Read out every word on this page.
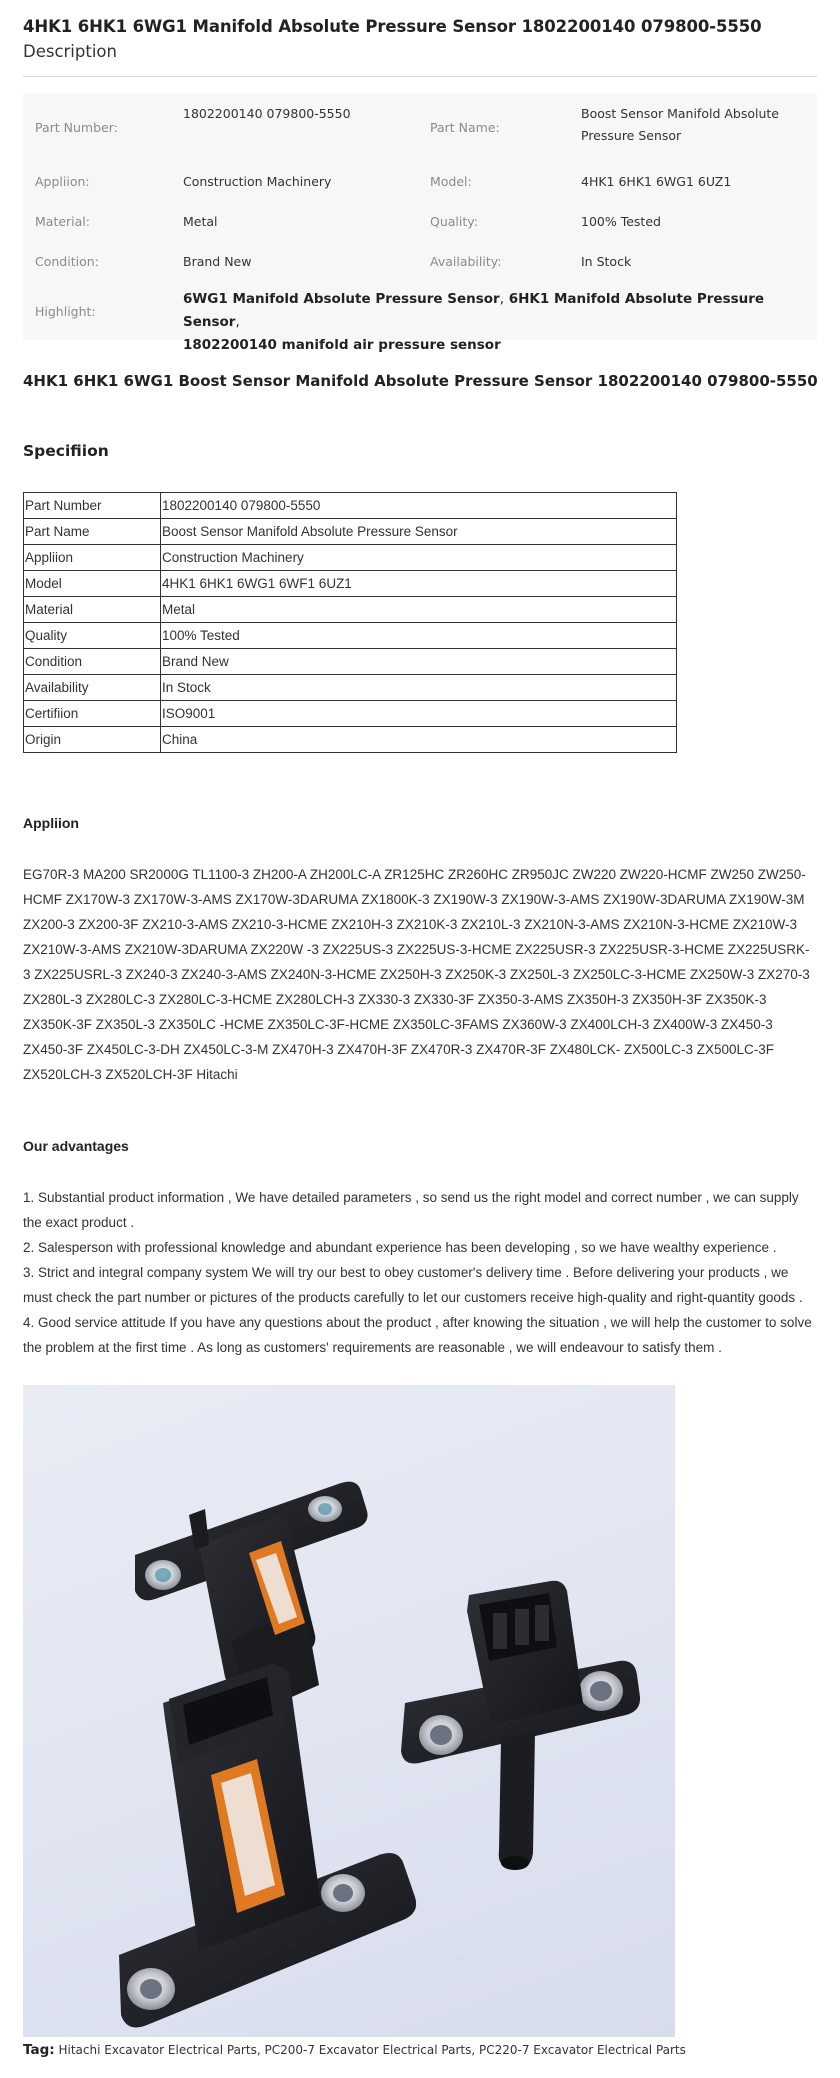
4HK1 6HK1 6WG1 Manifold Absolute Pressure Sensor 1802200140 079800-5550
Description
Part Number:
1802200140 079800-5550
Part Name:
Boost Sensor Manifold Absolute Pressure Sensor
Appliion:	Construction Machinery	Model:	4HK1 6HK1 6WG1 6UZ1
Material:	Metal	Quality:	100% Tested
Condition:	Brand New	Availability:	In Stock
Highlight:
6WG1 Manifold Absolute Pressure Sensor, 6HK1 Manifold Absolute Pressure Sensor,
1802200140 manifold air pressure sensor
4HK1 6HK1 6WG1 Boost Sensor Manifold Absolute Pressure Sensor 1802200140 079800-5550
Specifiion
Part Number	1802200140 079800-5550
Part Name	Boost Sensor Manifold Absolute Pressure Sensor
Appliion	Construction Machinery
Model	4HK1 6HK1 6WG1 6WF1 6UZ1
Material	Metal
Quality	100% Tested
Condition	Brand New
Availability	In Stock
Certifiion	ISO9001
Origin	China
Appliion
EG70R-3 MA200 SR2000G TL1100-3 ZH200-A ZH200LC-A ZR125HC ZR260HC ZR950JC ZW220 ZW220-HCMF ZW250 ZW250-HCMF ZX170W-3 ZX170W-3-AMS ZX170W-3DARUMA ZX1800K-3 ZX190W-3 ZX190W-3-AMS ZX190W-3DARUMA ZX190W-3M ZX200-3 ZX200-3F ZX210-3-AMS ZX210-3-HCME ZX210H-3 ZX210K-3 ZX210L-3 ZX210N-3-AMS ZX210N-3-HCME ZX210W-3 ZX210W-3-AMS ZX210W-3DARUMA ZX220W -3 ZX225US-3 ZX225US-3-HCME ZX225USR-3 ZX225USR-3-HCME ZX225USRK-3 ZX225USRL-3 ZX240-3 ZX240-3-AMS ZX240N-3-HCME ZX250H-3 ZX250K-3 ZX250L-3 ZX250LC-3-HCME ZX250W-3 ZX270-3 ZX280L-3 ZX280LC-3 ZX280LC-3-HCME ZX280LCH-3 ZX330-3 ZX330-3F ZX350-3-AMS ZX350H-3 ZX350H-3F ZX350K-3 ZX350K-3F ZX350L-3 ZX350LC -HCME ZX350LC-3F-HCME ZX350LC-3FAMS ZX360W-3 ZX400LCH-3 ZX400W-3 ZX450-3 ZX450-3F ZX450LC-3-DH ZX450LC-3-M ZX470H-3 ZX470H-3F ZX470R-3 ZX470R-3F ZX480LCK- ZX500LC-3 ZX500LC-3F ZX520LCH-3 ZX520LCH-3F Hitachi
Our advantages

1. Substantial product information , We have detailed parameters , so send us the right model and correct number , we can supply the exact product .

2. Salesperson with professional knowledge and abundant experience has been developing , so we have wealthy experience .

3. Strict and integral company system We will try our best to obey customer's delivery time . Before delivering your products , we must check the part number or pictures of the products carefully to let our customers receive high-quality and right-quantity goods .

4. Good service attitude If you have any questions about the product , after knowing the situation , we will help the customer to solve the problem at the first time . As long as customers' requirements are reasonable , we will endeavour to satisfy them .

Tag: Hitachi Excavator Electrical Parts, PC200-7 Excavator Electrical Parts, PC220-7 Excavator Electrical Parts
